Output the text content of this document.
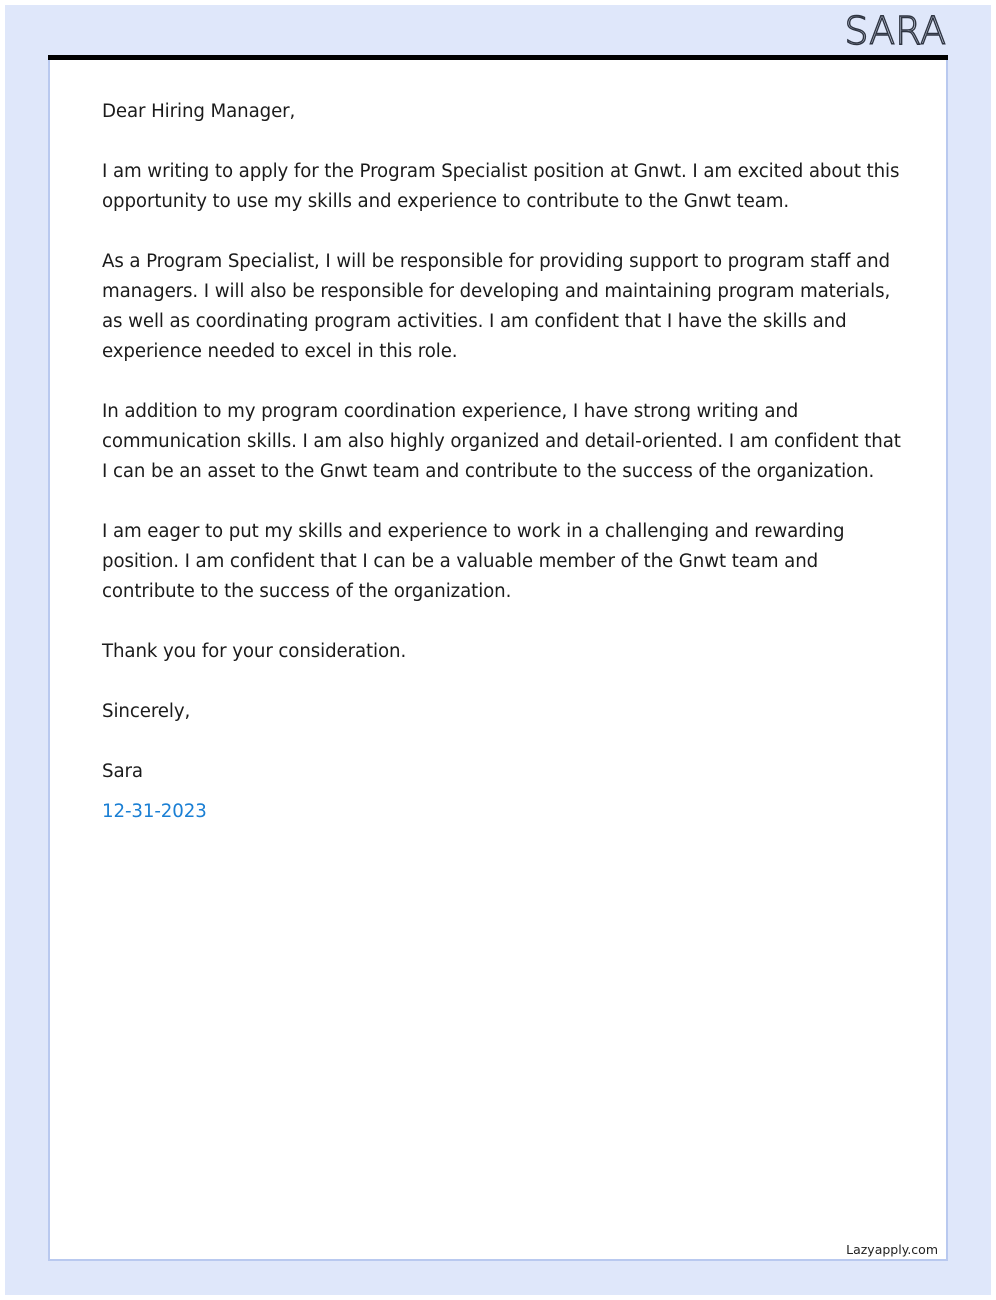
SARA

Dear Hiring Manager,

I am writing to apply for the Program Specialist position at Gnwt. I am excited about this opportunity to use my skills and experience to contribute to the Gnwt team.

As a Program Specialist, I will be responsible for providing support to program staff and managers. I will also be responsible for developing and maintaining program materials, as well as coordinating program activities. I am confident that I have the skills and experience needed to excel in this role.

In addition to my program coordination experience, I have strong writing and communication skills. I am also highly organized and detail-oriented. I am confident that I can be an asset to the Gnwt team and contribute to the success of the organization.

I am eager to put my skills and experience to work in a challenging and rewarding position. I am confident that I can be a valuable member of the Gnwt team and contribute to the success of the organization.

Thank you for your consideration.

Sincerely,

Sara

12-31-2023

Lazyapply.com
